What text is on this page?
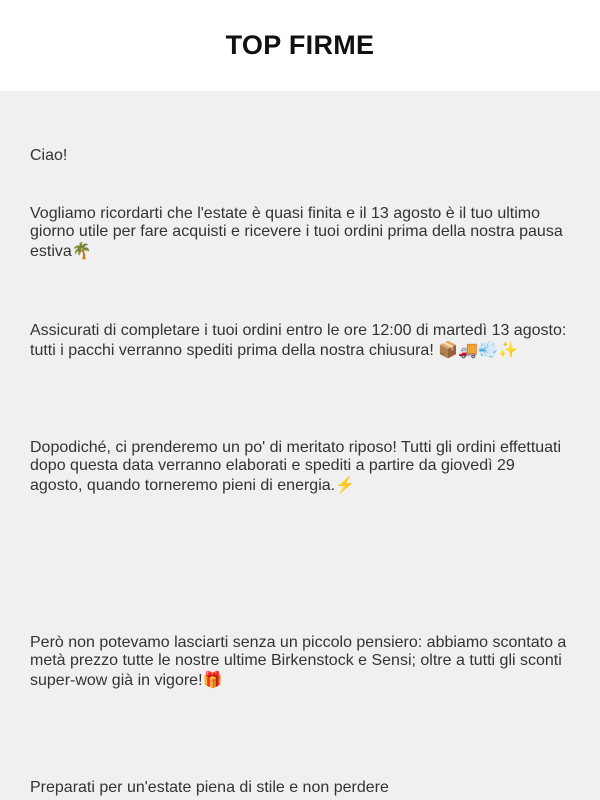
TOP FIRME

Ciao!

Vogliamo ricordarti che l'estate è quasi finita e il 13 agosto è il tuo ultimo giorno utile per fare acquisti e ricevere i tuoi ordini prima della nostra pausa estiva🌴

Assicurati di completare i tuoi ordini entro le ore 12:00 di martedì 13 agosto: tutti i pacchi verranno spediti prima della nostra chiusura! 📦🚚💨✨

Dopodiché, ci prenderemo un po' di meritato riposo! Tutti gli ordini effettuati dopo questa data verranno elaborati e spediti a partire da giovedì 29 agosto, quando torneremo pieni di energia.⚡

Però non potevamo lasciarti senza un piccolo pensiero: abbiamo scontato a metà prezzo tutte le nostre ultime Birkenstock e Sensi; oltre a tutti gli sconti super-wow già in vigore!🎁

Preparati per un'estate piena di stile e non perdere
